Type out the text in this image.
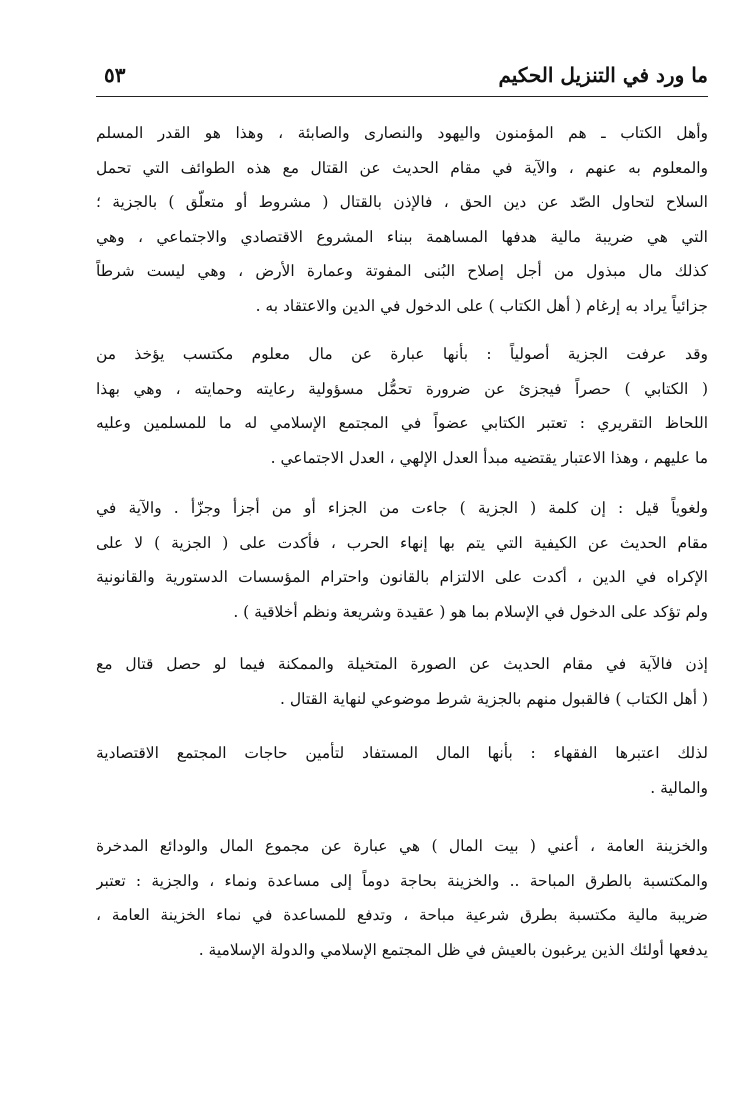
ما ورد في التنزيل الحكيم
٥٣
وأهل الكتاب ـ هم المؤمنون واليهود والنصارى والصابئة ، وهذا هو القدر المسلم
والمعلوم به عنهم ، والآية في مقام الحديث عن القتال مع هذه الطوائف التي تحمل
السلاح لتحاول الصّد عن دين الحق ، فالإذن بالقتال ( مشروط أو متعلّق ) بالجزية ؛
التي هي ضريبة مالية هدفها المساهمة ببناء المشروع الاقتصادي والاجتماعي ، وهي
كذلك مال مبذول من أجل إصلاح البُنى المفوتة وعمارة الأرض ، وهي ليست شرطاً
جزائياً يراد به إرغام ( أهل الكتاب ) على الدخول في الدين والاعتقاد به .
وقد عرفت الجزية أصولياً : بأنها عبارة عن مال معلوم مكتسب يؤخذ من
( الكتابي ) حصراً فيجزئ عن ضرورة تحمُّل مسؤولية رعايته وحمايته ، وهي بهذا
اللحاظ التقريري : تعتبر الكتابي عضواً في المجتمع الإسلامي له ما للمسلمين وعليه
ما عليهم ، وهذا الاعتبار يقتضيه مبدأ العدل الإلهي ، العدل الاجتماعي .
ولغوياً قيل : إن كلمة ( الجزية ) جاءت من الجزاء أو من أجزأ وجزّأ . والآية في
مقام الحديث عن الكيفية التي يتم بها إنهاء الحرب ، فأكدت على ( الجزية ) لا على
الإكراه في الدين ، أكدت على الالتزام بالقانون واحترام المؤسسات الدستورية والقانونية
ولم تؤكد على الدخول في الإسلام بما هو ( عقيدة وشريعة ونظم أخلاقية ) .
إذن فالآية في مقام الحديث عن الصورة المتخيلة والممكنة فيما لو حصل قتال مع
( أهل الكتاب ) فالقبول منهم بالجزية شرط موضوعي لنهاية القتال .
لذلك اعتبرها الفقهاء : بأنها المال المستفاد لتأمين حاجات المجتمع الاقتصادية
والمالية .
والخزينة العامة ، أعني ( بيت المال ) هي عبارة عن مجموع المال والودائع المدخرة
والمكتسبة بالطرق المباحة .. والخزينة بحاجة دوماً إلى مساعدة ونماء ، والجزية : تعتبر
ضريبة مالية مكتسبة بطرق شرعية مباحة ، وتدفع للمساعدة في نماء الخزينة العامة ،
يدفعها أولئك الذين يرغبون بالعيش في ظل المجتمع الإسلامي والدولة الإسلامية .
